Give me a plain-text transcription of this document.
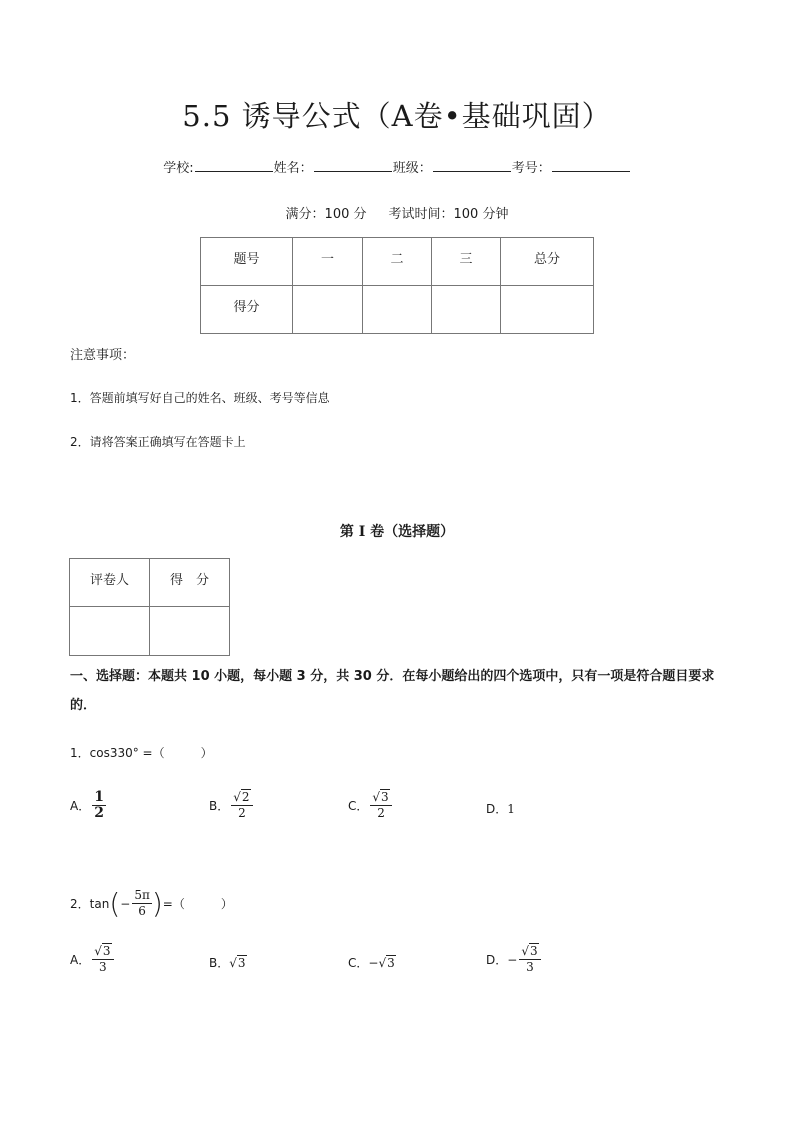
5.5 诱导公式（A卷•基础巩固）
学校:	姓名：	班级：	考号：
满分：100 分 考试时间：100 分钟
题号	一	二	三	总分
得分				
注意事项：
1．答题前填写好自己的姓名、班级、考号等信息
2．请将答案正确填写在答题卡上
第 I 卷（选择题）
评卷人	得　分

一、选择题：本题共 10 小题，每小题 3 分，共 30 分．在每小题给出的四个选项中，只有一项是符合题目要求的．
1．cos330° =（　　　）
A． $\frac{1}{2}$	B． $\frac{√2}{2}$	C． $\frac{√3}{2}$	D． 1
2．tan ( − $\frac{5\pi}{6}$ ) =（　　　）
A． $\frac{√3}{3}$	B． √3	C． − √3	D． − $\frac{√3}{3}$
